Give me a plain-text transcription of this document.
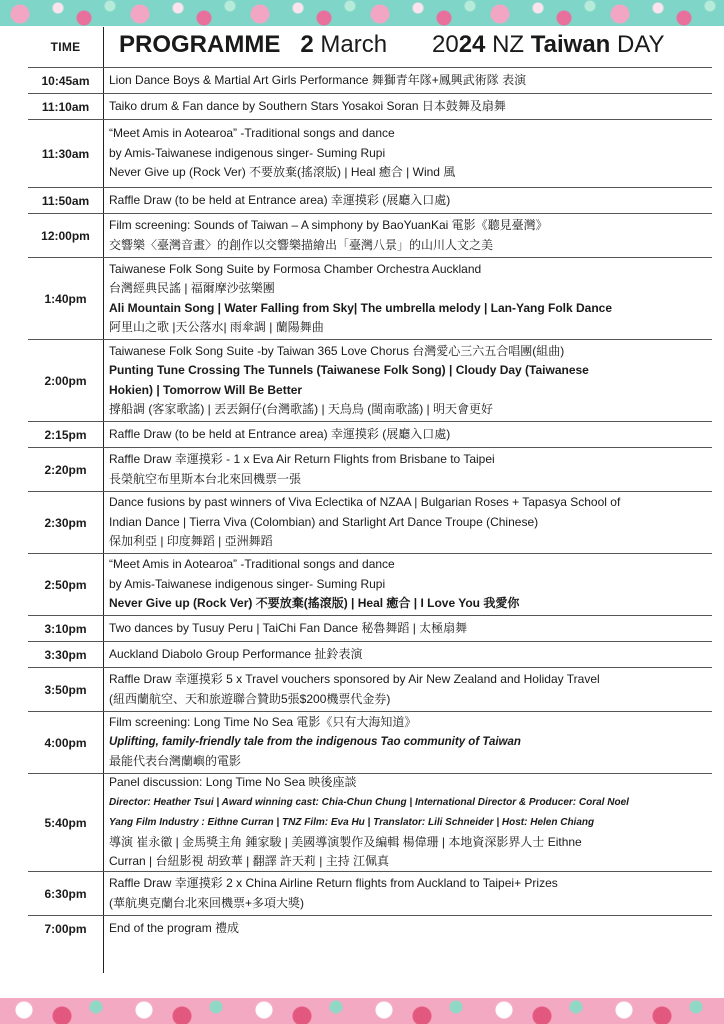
TIME	PROGRAMME 2 March 2024 NZ Taiwan DAY
10:45am	Lion Dance Boys & Martial Art Girls Performance 舞獅青年隊+鳳興武術隊 表演
11:10am	Taiko drum & Fan dance by Southern Stars Yosakoi Soran 日本鼓舞及扇舞
11:30am
“Meet Amis in Aotearoa” -Traditional songs and dance
by Amis-Taiwanese indigenous singer- Suming Rupi
Never Give up (Rock Ver) 不要放棄(搖滾版) | Heal 癒合 | Wind 風
11:50am	Raffle Draw (to be held at Entrance area) 幸運摸彩 (展廳入口處)
12:00pm
Film screening: Sounds of Taiwan – A simphony by BaoYuanKai 電影《聽見臺灣》
交響樂〈臺灣音畫〉的創作以交響樂描繪出「臺灣八景」的山川人文之美
1:40pm
Taiwanese Folk Song Suite by Formosa Chamber Orchestra Auckland
台灣經典民謠 | 福爾摩沙弦樂團
Ali Mountain Song | Water Falling from Sky| The umbrella melody | Lan-Yang Folk Dance
阿里山之歌 |天公落水| 雨傘調 | 蘭陽舞曲
2:00pm
Taiwanese Folk Song Suite -by Taiwan 365 Love Chorus 台灣愛心三六五合唱團(組曲)
Punting Tune Crossing The Tunnels (Taiwanese Folk Song) | Cloudy Day (Taiwanese
Hokien) | Tomorrow Will Be Better
撐船調 (客家歌謠) | 丟丟銅仔(台灣歌謠) | 天烏烏 (閩南歌謠) | 明天會更好
2:15pm	Raffle Draw (to be held at Entrance area) 幸運摸彩 (展廳入口處)
2:20pm
Raffle Draw 幸運摸彩 - 1 x Eva Air Return Flights from Brisbane to Taipei
長榮航空布里斯本台北來回機票一張
2:30pm
Dance fusions by past winners of Viva Eclectika of NZAA | Bulgarian Roses + Tapasya School of
Indian Dance | Tierra Viva (Colombian) and Starlight Art Dance Troupe (Chinese)
保加利亞 | 印度舞蹈 | 亞洲舞蹈
2:50pm
“Meet Amis in Aotearoa” -Traditional songs and dance
by Amis-Taiwanese indigenous singer- Suming Rupi
Never Give up (Rock Ver) 不要放棄(搖滾版) | Heal 癒合 | I Love You 我愛你
3:10pm	Two dances by Tusuy Peru | TaiChi Fan Dance 秘魯舞蹈 | 太極扇舞
3:30pm	Auckland Diabolo Group Performance 扯鈴表演
3:50pm
Raffle Draw 幸運摸彩 5 x Travel vouchers sponsored by Air New Zealand and Holiday Travel
(紐西蘭航空、天和旅遊聯合贊助5張$200機票代金券)
4:00pm
Film screening: Long Time No Sea 電影《只有大海知道》
Uplifting, family-friendly tale from the indigenous Tao community of Taiwan
最能代表台灣蘭嶼的電影
5:40pm
Panel discussion: Long Time No Sea 映後座談
Director: Heather Tsui | Award winning cast: Chia-Chun Chung | International Director & Producer: Coral Noel
Yang Film Industry : Eithne Curran | TNZ Film: Eva Hu | Translator: Lili Schneider | Host: Helen Chiang
導演 崔永徽 | 金馬獎主角 鍾家駿 | 美國導演製作及編輯 楊偉珊 | 本地資深影界人士 Eithne
Curran | 台紐影視 胡致華 | 翻譯 許天莉 | 主持 江佩真
6:30pm
Raffle Draw 幸運摸彩 2 x China Airline Return flights from Auckland to Taipei+ Prizes
(華航奧克蘭台北來回機票+多項大獎)
7:00pm	End of the program 禮成
